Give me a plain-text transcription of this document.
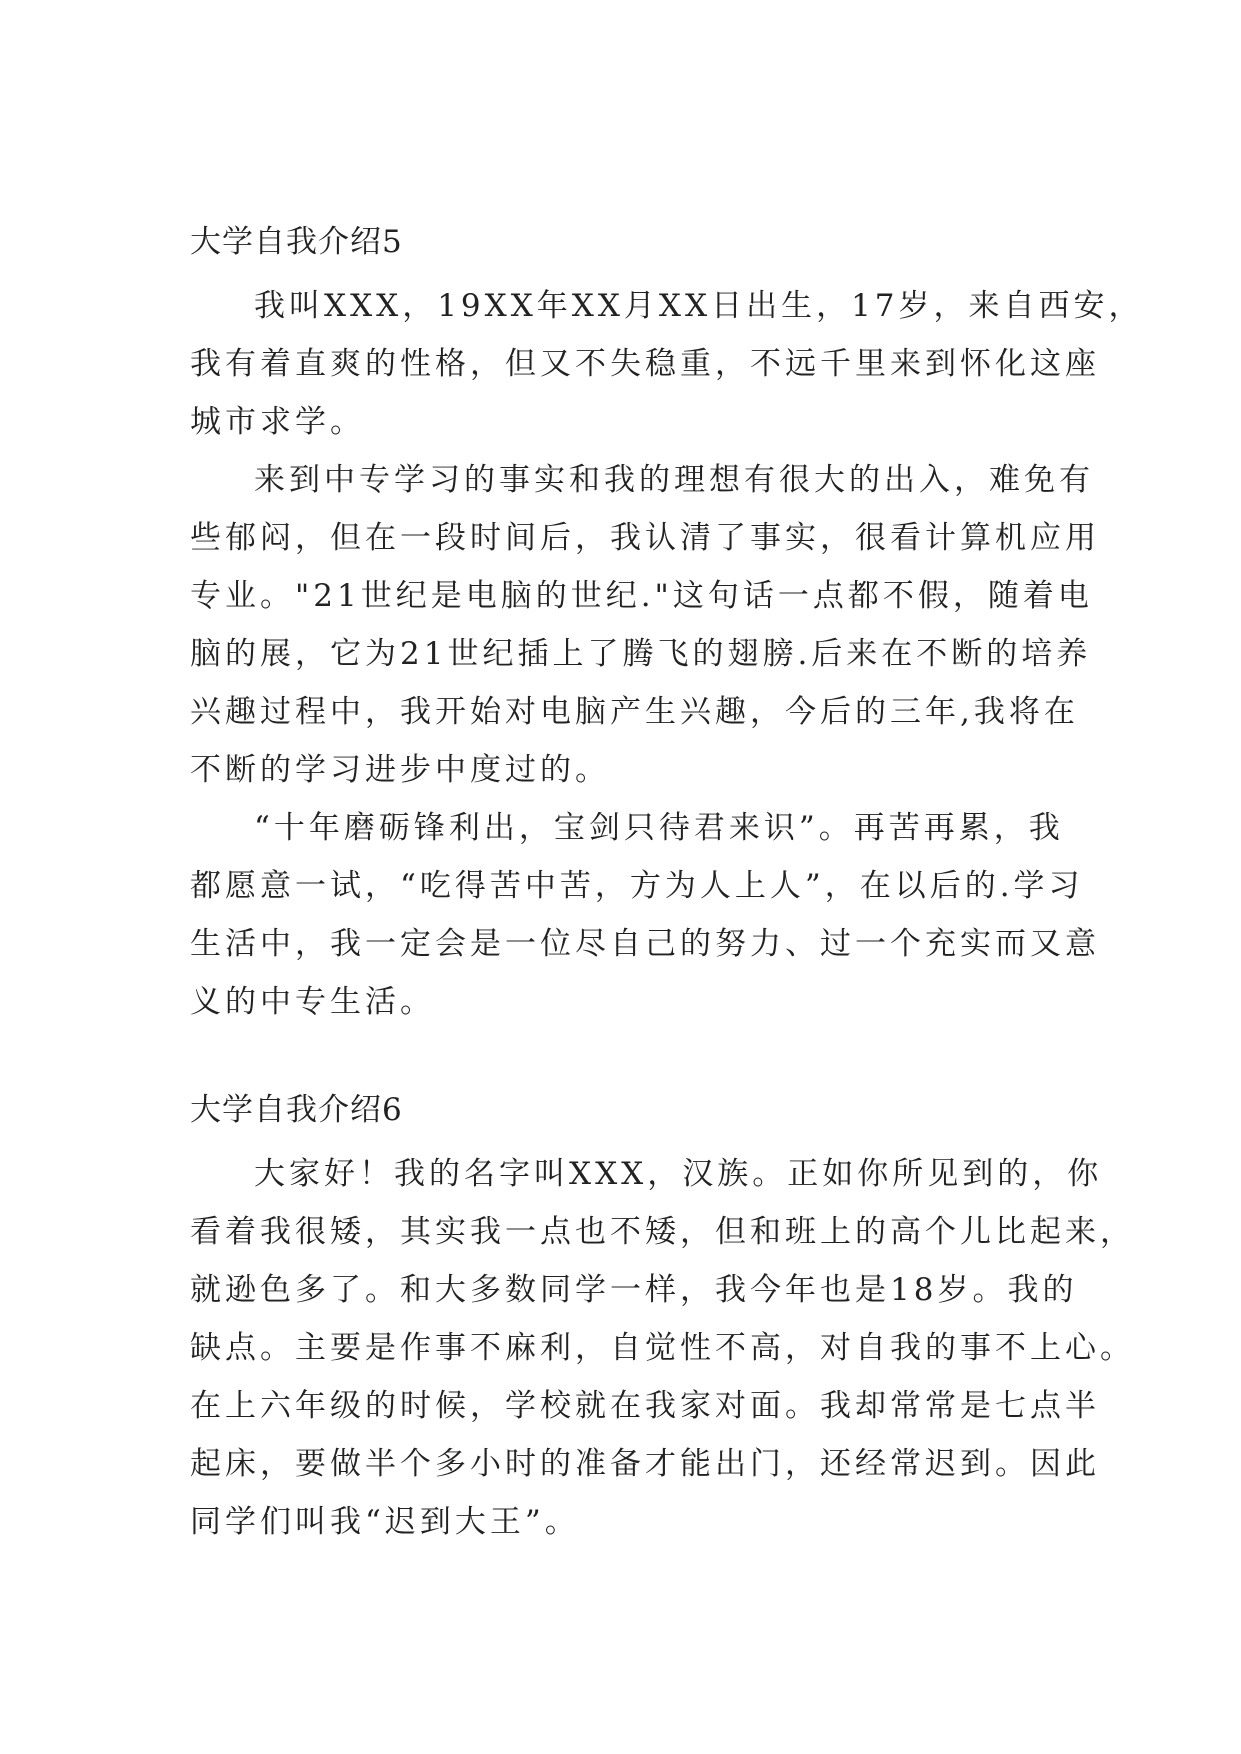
大学自我介绍5

我叫XXX，19XX年XX月XX日出生，17岁，来自西安，
我有着直爽的性格，但又不失稳重，不远千里来到怀化这座
城市求学。

来到中专学习的事实和我的理想有很大的出入，难免有
些郁闷，但在一段时间后，我认清了事实，很看计算机应用
专业。"21世纪是电脑的世纪."这句话一点都不假，随着电
脑的展，它为21世纪插上了腾飞的翅膀.后来在不断的培养
兴趣过程中，我开始对电脑产生兴趣，今后的三年,我将在
不断的学习进步中度过的。

“十年磨砺锋利出，宝剑只待君来识”。再苦再累，我
都愿意一试，“吃得苦中苦，方为人上人”，在以后的.学习
生活中，我一定会是一位尽自己的努力、过一个充实而又意
义的中专生活。

大学自我介绍6

大家好！我的名字叫XXX，汉族。正如你所见到的，你
看着我很矮，其实我一点也不矮，但和班上的高个儿比起来，
就逊色多了。和大多数同学一样，我今年也是18岁。我的
缺点。主要是作事不麻利，自觉性不高，对自我的事不上心。
在上六年级的时候，学校就在我家对面。我却常常是七点半
起床，要做半个多小时的准备才能出门，还经常迟到。因此
同学们叫我“迟到大王”。
